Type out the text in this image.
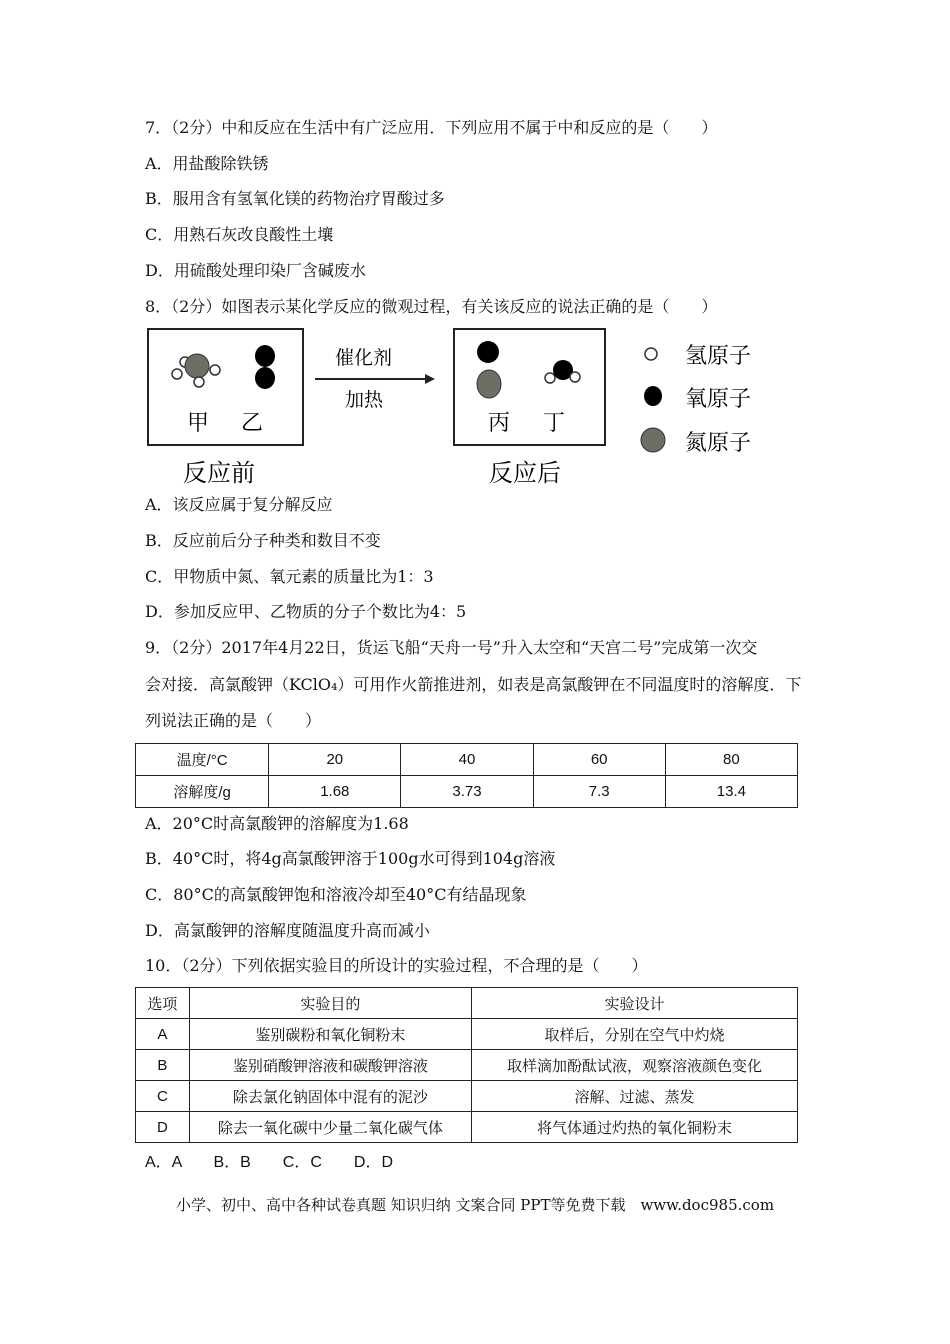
7．（2分）中和反应在生活中有广泛应用．下列应用不属于中和反应的是（　　）
A．用盐酸除铁锈
B．服用含有氢氧化镁的药物治疗胃酸过多
C．用熟石灰改良酸性土壤
D．用硫酸处理印染厂含碱废水
8．（2分）如图表示某化学反应的微观过程，有关该反应的说法正确的是（　　）
甲 乙
反应前
催化剂
加热
丙 丁
反应后
氢原子
氧原子
氮原子
A．该反应属于复分解反应
B．反应前后分子种类和数目不变
C．甲物质中氮、氧元素的质量比为1：3
D．参加反应甲、乙物质的分子个数比为4：5
9．（2分）2017年4月22日，货运飞船“天舟一号”升入太空和“天宫二号”完成第一次交
会对接．高氯酸钾（KClO₄）可用作火箭推进剂，如表是高氯酸钾在不同温度时的溶解度．下
列说法正确的是（　　）
温度/°C	20	40	60	80
溶解度/g	1.68	3.73	7.3	13.4
A．20°C时高氯酸钾的溶解度为1.68
B．40°C时，将4g高氯酸钾溶于100g水可得到104g溶液
C．80°C的高氯酸钾饱和溶液冷却至40°C有结晶现象
D．高氯酸钾的溶解度随温度升高而减小
10．（2分）下列依据实验目的所设计的实验过程，不合理的是（　　）
选项	实验目的	实验设计
A	鉴别碳粉和氧化铜粉末	取样后，分别在空气中灼烧
B	鉴别硝酸钾溶液和碳酸钾溶液	取样滴加酚酞试液，观察溶液颜色变化
C	除去氯化钠固体中混有的泥沙	溶解、过滤、蒸发
D	除去一氧化碳中少量二氧化碳气体	将气体通过灼热的氧化铜粉末
A．A　　B．B　　C．C　　D．D
小学、初中、高中各种试卷真题 知识归纳 文案合同 PPT等免费下载　www.doc985.com
